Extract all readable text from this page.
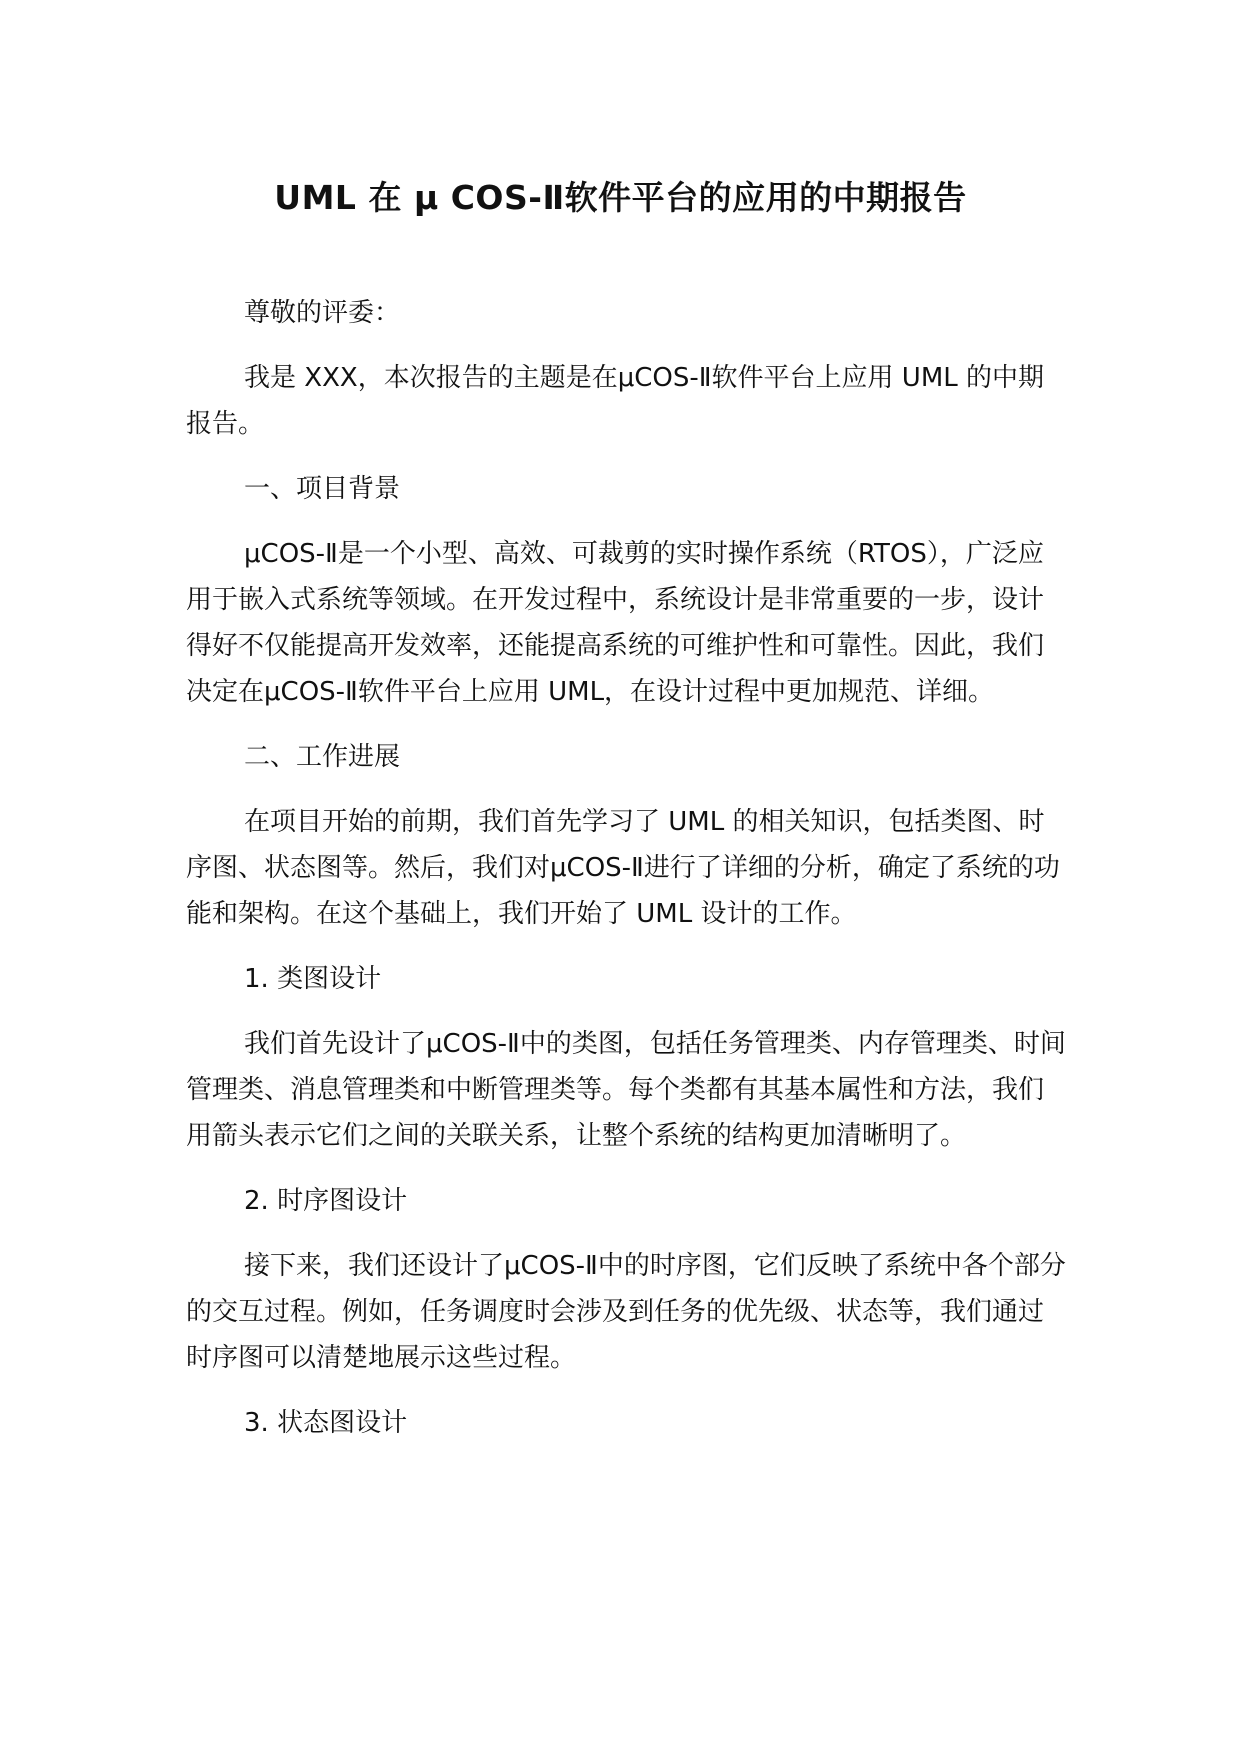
UML 在 μ COS-Ⅱ软件平台的应用的中期报告

尊敬的评委：

我是 XXX，本次报告的主题是在μCOS-Ⅱ软件平台上应用 UML 的中期报告。

一、项目背景

μCOS-Ⅱ是一个小型、高效、可裁剪的实时操作系统（RTOS），广泛应用于嵌入式系统等领域。在开发过程中，系统设计是非常重要的一步，设计得好不仅能提高开发效率，还能提高系统的可维护性和可靠性。因此，我们决定在μCOS-Ⅱ软件平台上应用 UML，在设计过程中更加规范、详细。

二、工作进展

在项目开始的前期，我们首先学习了 UML 的相关知识，包括类图、时序图、状态图等。然后，我们对μCOS-Ⅱ进行了详细的分析，确定了系统的功能和架构。在这个基础上，我们开始了 UML 设计的工作。

1. 类图设计

我们首先设计了μCOS-Ⅱ中的类图，包括任务管理类、内存管理类、时间管理类、消息管理类和中断管理类等。每个类都有其基本属性和方法，我们用箭头表示它们之间的关联关系，让整个系统的结构更加清晰明了。

2. 时序图设计

接下来，我们还设计了μCOS-Ⅱ中的时序图，它们反映了系统中各个部分的交互过程。例如，任务调度时会涉及到任务的优先级、状态等，我们通过时序图可以清楚地展示这些过程。

3. 状态图设计
